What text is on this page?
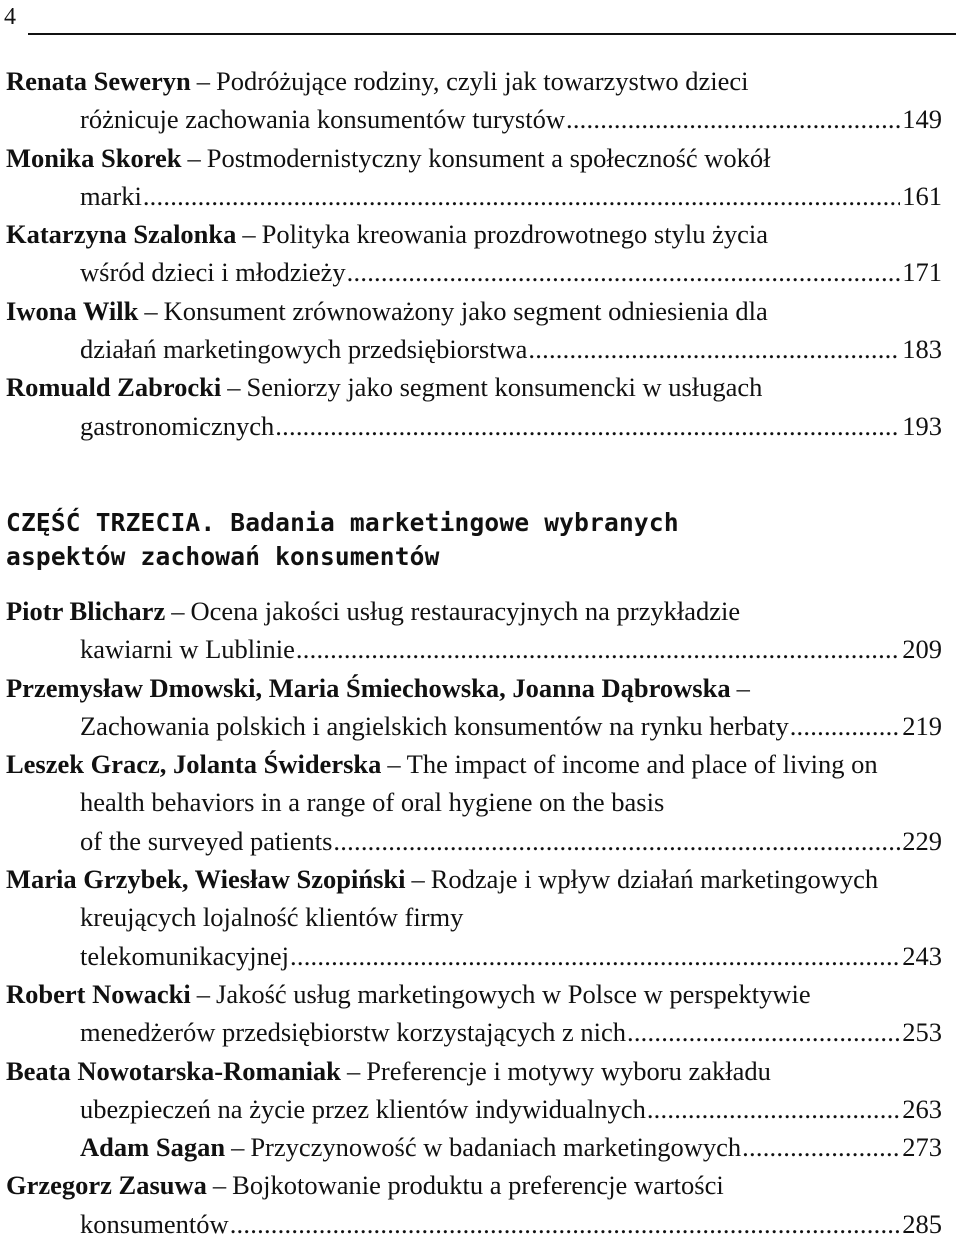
4
Renata Seweryn – Podróżujące rodziny, czyli jak towarzystwo dzieci
różnicuje zachowania konsumentów turystów . . .	149
Monika Skorek – Postmodernistyczny konsument a społeczność wokół
marki . . .	161
Katarzyna Szalonka – Polityka kreowania prozdrowotnego stylu życia
wśród dzieci i młodzieży . . .	171
Iwona Wilk – Konsument zrównoważony jako segment odniesienia dla
działań marketingowych przedsiębiorstwa . . .	183
Romuald Zabrocki – Seniorzy jako segment konsumencki w usługach
gastronomicznych . . .	193
CZĘŚĆ TRZECIA. Badania marketingowe wybranych
aspektów zachowań konsumentów
Piotr Blicharz – Ocena jakości usług restauracyjnych na przykładzie
kawiarni w Lublinie . . .	209
Przemysław Dmowski, Maria Śmiechowska, Joanna Dąbrowska –
Zachowania polskich i angielskich konsumentów na rynku herbaty . . .	219
Leszek Gracz, Jolanta Świderska – The impact of income and place of living on health behaviors in a range of oral hygiene on the basis
of the surveyed patients . . .	229
Maria Grzybek, Wiesław Szopiński – Rodzaje i wpływ działań marketingowych kreujących lojalność klientów firmy
telekomunikacyjnej . . .	243
Robert Nowacki – Jakość usług marketingowych w Polsce w perspektywie
menedżerów przedsiębiorstw korzystających z nich . . .	253
Beata Nowotarska-Romaniak – Preferencje i motywy wyboru zakładu
ubezpieczeń na życie przez klientów indywidualnych . . .	263
Adam Sagan – Przyczynowość w badaniach marketingowych . . .	273
Grzegorz Zasuwa – Bojkotowanie produktu a preferencje wartości
konsumentów . . .	285
